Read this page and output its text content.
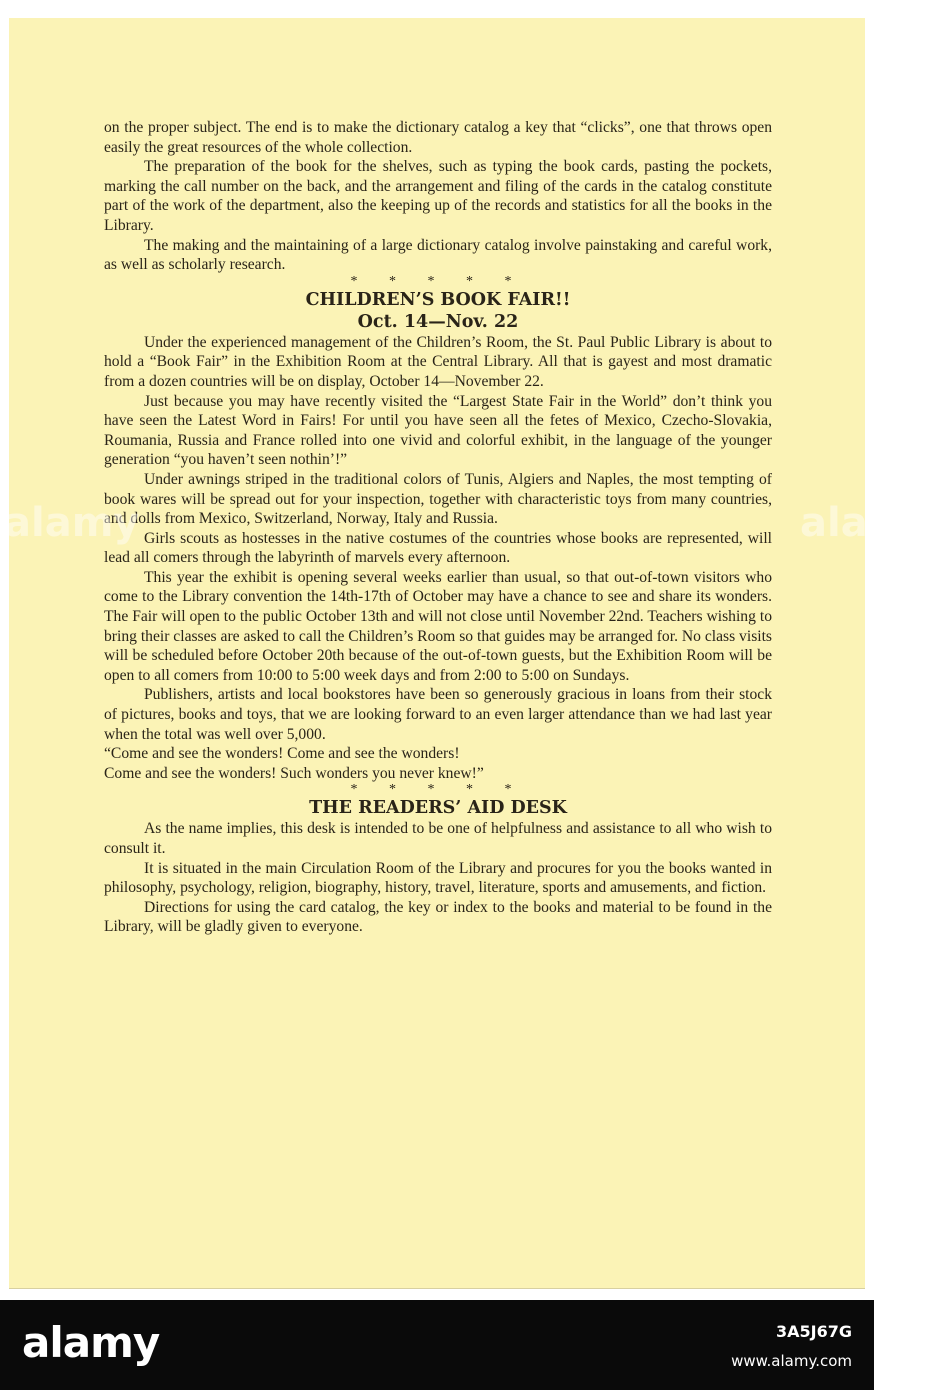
on the proper subject. The end is to make the dictionary catalog a key that “clicks”, one that throws open easily the great resources of the whole collection.

The preparation of the book for the shelves, such as typing the book cards, pasting the pockets, marking the call number on the back, and the arrangement and filing of the cards in the catalog constitute part of the work of the department, also the keeping up of the records and statistics for all the books in the Library.

The making and the maintaining of a large dictionary catalog involve painstaking and careful work, as well as scholarly research.

* * * * *

CHILDREN’S BOOK FAIR!!

Oct. 14—Nov. 22

Under the experienced management of the Children’s Room, the St. Paul Public Library is about to hold a “Book Fair” in the Exhibition Room at the Central Library. All that is gayest and most dramatic from a dozen countries will be on display, October 14—November 22.

Just because you may have recently visited the “Largest State Fair in the World” don’t think you have seen the Latest Word in Fairs! For until you have seen all the fetes of Mexico, Czecho-Slovakia, Roumania, Russia and France rolled into one vivid and colorful exhibit, in the language of the younger generation “you haven’t seen nothin’!”

Under awnings striped in the traditional colors of Tunis, Algiers and Naples, the most tempting of book wares will be spread out for your inspection, together with characteristic toys from many countries, and dolls from Mexico, Switzerland, Norway, Italy and Russia.

Girls scouts as hostesses in the native costumes of the countries whose books are represented, will lead all comers through the labyrinth of marvels every afternoon.

This year the exhibit is opening several weeks earlier than usual, so that out-of-town visitors who come to the Library convention the 14th-17th of October may have a chance to see and share its wonders. The Fair will open to the public October 13th and will not close until November 22nd. Teachers wishing to bring their classes are asked to call the Children’s Room so that guides may be arranged for. No class visits will be scheduled before October 20th because of the out-of-town guests, but the Exhibition Room will be open to all comers from 10:00 to 5:00 week days and from 2:00 to 5:00 on Sundays.

Publishers, artists and local bookstores have been so generously gracious in loans from their stock of pictures, books and toys, that we are looking forward to an even larger attendance than we had last year when the total was well over 5,000.

“Come and see the wonders! Come and see the wonders!

Come and see the wonders! Such wonders you never knew!”

* * * * *

THE READERS’ AID DESK

As the name implies, this desk is intended to be one of helpfulness and assistance to all who wish to consult it.

It is situated in the main Circulation Room of the Library and procures for you the books wanted in philosophy, psychology, religion, biography, history, travel, literature, sports and amusements, and fiction.

Directions for using the card catalog, the key or index to the books and material to be found in the Library, will be gladly given to everyone.

alamy	alamy
alamy	3A5J67G
www.alamy.com
